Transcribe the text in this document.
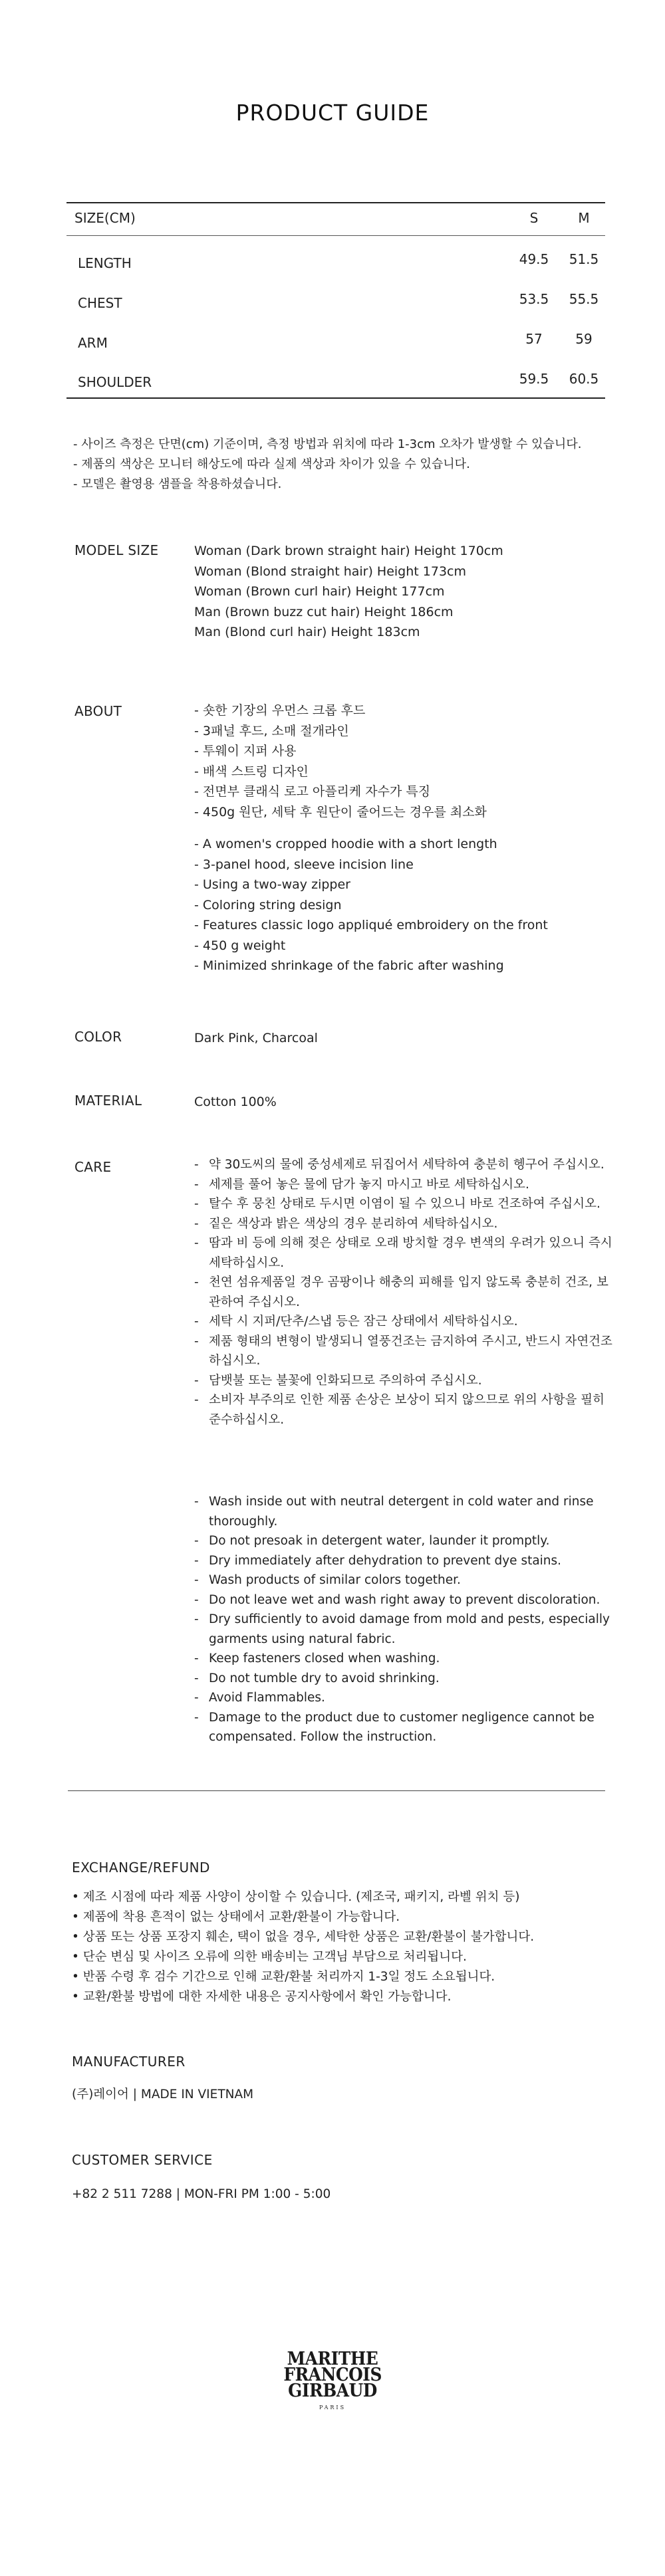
PRODUCT GUIDE
SIZE(CM)	S	M
LENGTH	49.5	51.5
CHEST	53.5	55.5
ARM	57	59
SHOULDER	59.5	60.5
- 사이즈 측정은 단면(cm) 기준이며, 측정 방법과 위치에 따라 1-3cm 오차가 발생할 수 있습니다.
- 제품의 색상은 모니터 해상도에 따라 실제 색상과 차이가 있을 수 있습니다.
- 모델은 촬영용 샘플을 착용하셨습니다.
MODEL SIZE	Woman (Dark brown straight hair) Height 170cm
Woman (Blond straight hair) Height 173cm
Woman (Brown curl hair) Height 177cm
Man (Brown buzz cut hair) Height 186cm
Man (Blond curl hair) Height 183cm
ABOUT	- 숏한 기장의 우먼스 크롭 후드
- 3패널 후드, 소매 절개라인
- 투웨이 지퍼 사용
- 배색 스트링 디자인
- 전면부 클래식 로고 아플리케 자수가 특징
- 450g 원단, 세탁 후 원단이 줄어드는 경우를 최소화
- A women's cropped hoodie with a short length
- 3-panel hood, sleeve incision line
- Using a two-way zipper
- Coloring string design
- Features classic logo appliqué embroidery on the front
- 450 g weight
- Minimized shrinkage of the fabric after washing
COLOR	Dark Pink, Charcoal
MATERIAL	Cotton 100%
CARE	- 약 30도씨의 물에 중성세제로 뒤집어서 세탁하여 충분히 헹구어 주십시오.
- 세제를 풀어 놓은 물에 담가 놓지 마시고 바로 세탁하십시오.
- 탈수 후 뭉친 상태로 두시면 이염이 될 수 있으니 바로 건조하여 주십시오.
- 짙은 색상과 밝은 색상의 경우 분리하여 세탁하십시오.
- 땀과 비 등에 의해 젖은 상태로 오래 방치할 경우 변색의 우려가 있으니 즉시 세탁하십시오.
- 천연 섬유제품일 경우 곰팡이나 해충의 피해를 입지 않도록 충분히 건조, 보관하여 주십시오.
- 세탁 시 지퍼/단추/스냅 등은 잠근 상태에서 세탁하십시오.
- 제품 형태의 변형이 발생되니 열풍건조는 금지하여 주시고, 반드시 자연건조 하십시오.
- 담뱃불 또는 불꽃에 인화되므로 주의하여 주십시오.
- 소비자 부주의로 인한 제품 손상은 보상이 되지 않으므로 위의 사항을 필히 준수하십시오.
- Wash inside out with neutral detergent in cold water and rinse thoroughly.
- Do not presoak in detergent water, launder it promptly.
- Dry immediately after dehydration to prevent dye stains.
- Wash products of similar colors together.
- Do not leave wet and wash right away to prevent discoloration.
- Dry sufficiently to avoid damage from mold and pests, especially garments using natural fabric.
- Keep fasteners closed when washing.
- Do not tumble dry to avoid shrinking.
- Avoid Flammables.
- Damage to the product due to customer negligence cannot be compensated. Follow the instruction.
EXCHANGE/REFUND
• 제조 시점에 따라 제품 사양이 상이할 수 있습니다. (제조국, 패키지, 라벨 위치 등)
• 제품에 착용 흔적이 없는 상태에서 교환/환불이 가능합니다.
• 상품 또는 상품 포장지 훼손, 택이 없을 경우, 세탁한 상품은 교환/환불이 불가합니다.
• 단순 변심 및 사이즈 오류에 의한 배송비는 고객님 부담으로 처리됩니다.
• 반품 수령 후 검수 기간으로 인해 교환/환불 처리까지 1-3일 정도 소요됩니다.
• 교환/환불 방법에 대한 자세한 내용은 공지사항에서 확인 가능합니다.
MANUFACTURER
(주)레이어 | MADE IN VIETNAM
CUSTOMER SERVICE
+82 2 511 7288 | MON-FRI PM 1:00 - 5:00
MARITHE
FRANCOIS
GIRBAUD
PARIS
